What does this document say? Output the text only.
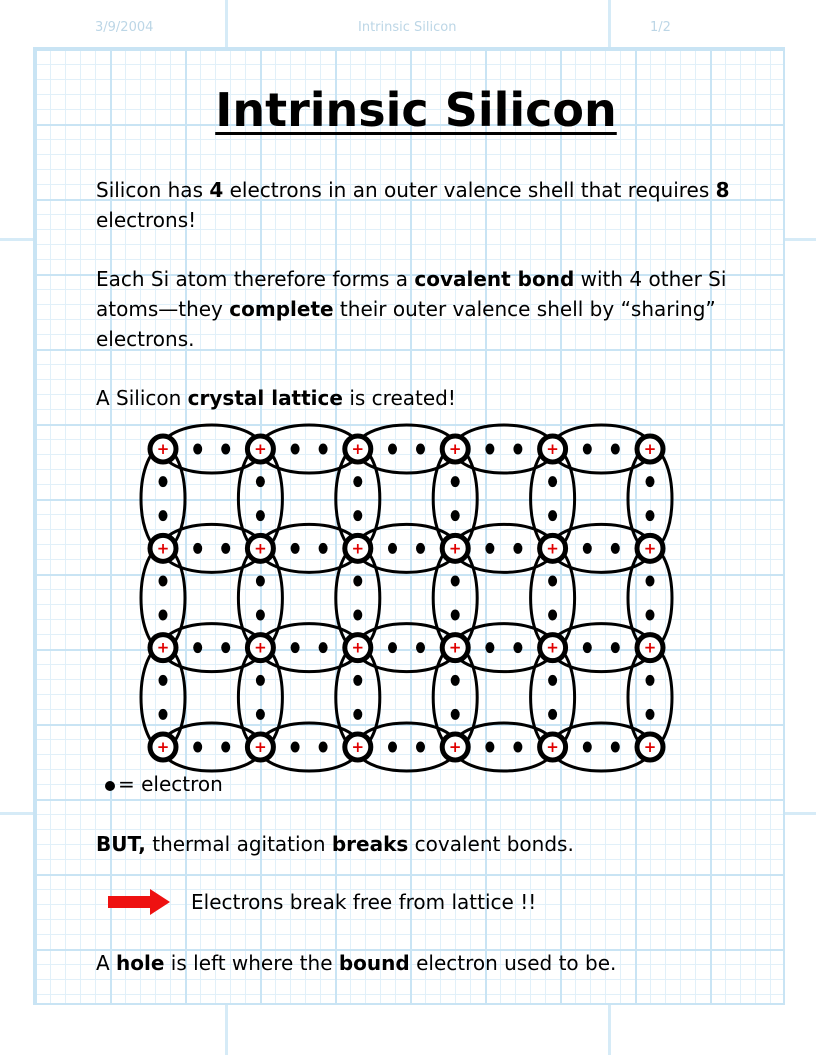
3/9/2004	Intrinsic Silicon	1/2
Intrinsic Silicon
Silicon has 4 electrons in an outer valence shell that requires 8 electrons!
Each Si atom therefore forms a covalent bond with 4 other Si atoms—they complete their outer valence shell by “sharing” electrons.
A Silicon crystal lattice is created!
+	+	+	+	+	+
+	+	+	+	+	+
+	+	+	+	+	+
+	+	+	+	+	+
= electron
BUT, thermal agitation breaks covalent bonds.
Electrons break free from lattice !!
A hole is left where the bound electron used to be.
